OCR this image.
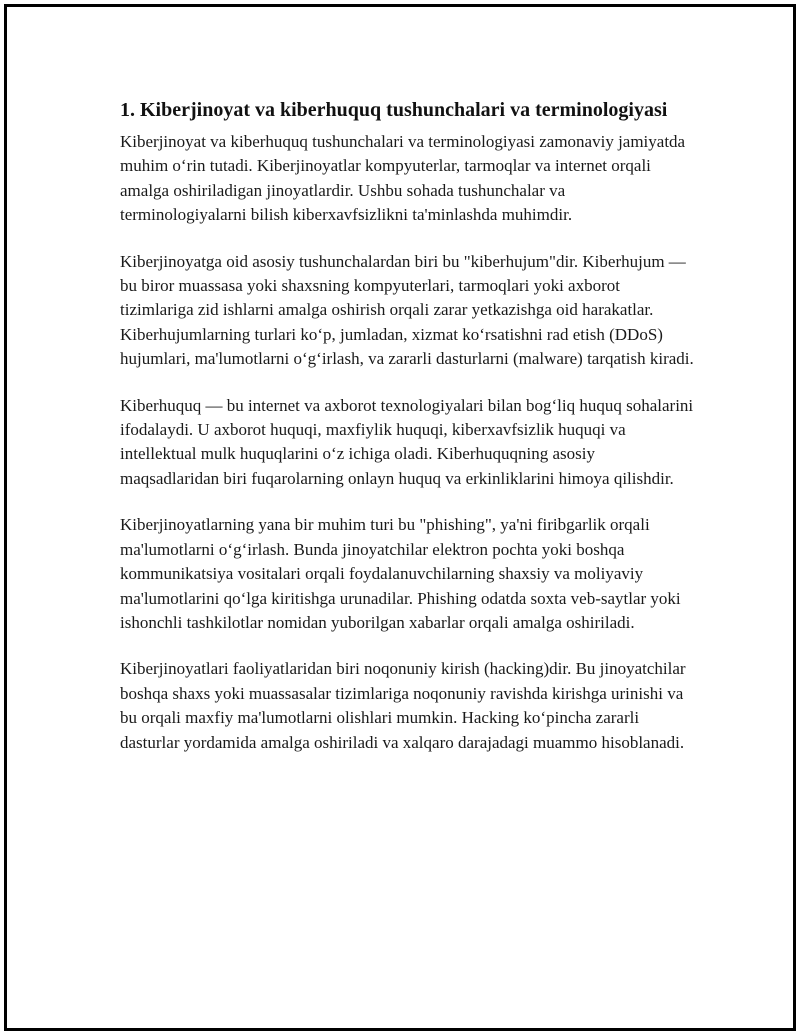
1. Kiberjinoyat va kiberhuquq tushunchalari va terminologiyasi

Kiberjinoyat va kiberhuquq tushunchalari va terminologiyasi zamonaviy jamiyatda muhim oʻrin tutadi. Kiberjinoyatlar kompyuterlar, tarmoqlar va internet orqali amalga oshiriladigan jinoyatlardir. Ushbu sohada tushunchalar va terminologiyalarni bilish kiberxavfsizlikni ta'minlashda muhimdir.

Kiberjinoyatga oid asosiy tushunchalardan biri bu "kiberhujum"dir. Kiberhujum — bu biror muassasa yoki shaxsning kompyuterlari, tarmoqlari yoki axborot tizimlariga zid ishlarni amalga oshirish orqali zarar yetkazishga oid harakatlar. Kiberhujumlarning turlari koʻp, jumladan, xizmat koʻrsatishni rad etish (DDoS) hujumlari, ma'lumotlarni oʻgʻirlash, va zararli dasturlarni (malware) tarqatish kiradi.

Kiberhuquq — bu internet va axborot texnologiyalari bilan bogʻliq huquq sohalarini ifodalaydi. U axborot huquqi, maxfiylik huquqi, kiberxavfsizlik huquqi va intellektual mulk huquqlarini oʻz ichiga oladi. Kiberhuquqning asosiy maqsadlaridan biri fuqarolarning onlayn huquq va erkinliklarini himoya qilishdir.

Kiberjinoyatlarning yana bir muhim turi bu "phishing", ya'ni firibgarlik orqali ma'lumotlarni oʻgʻirlash. Bunda jinoyatchilar elektron pochta yoki boshqa kommunikatsiya vositalari orqali foydalanuvchilarning shaxsiy va moliyaviy ma'lumotlarini qoʻlga kiritishga urunadilar. Phishing odatda soxta veb-saytlar yoki ishonchli tashkilotlar nomidan yuborilgan xabarlar orqali amalga oshiriladi.

Kiberjinoyatlari faoliyatlaridan biri noqonuniy kirish (hacking)dir. Bu jinoyatchilar boshqa shaxs yoki muassasalar tizimlariga noqonuniy ravishda kirishga urinishi va bu orqali maxfiy ma'lumotlarni olishlari mumkin. Hacking koʻpincha zararli dasturlar yordamida amalga oshiriladi va xalqaro darajadagi muammo hisoblanadi.
